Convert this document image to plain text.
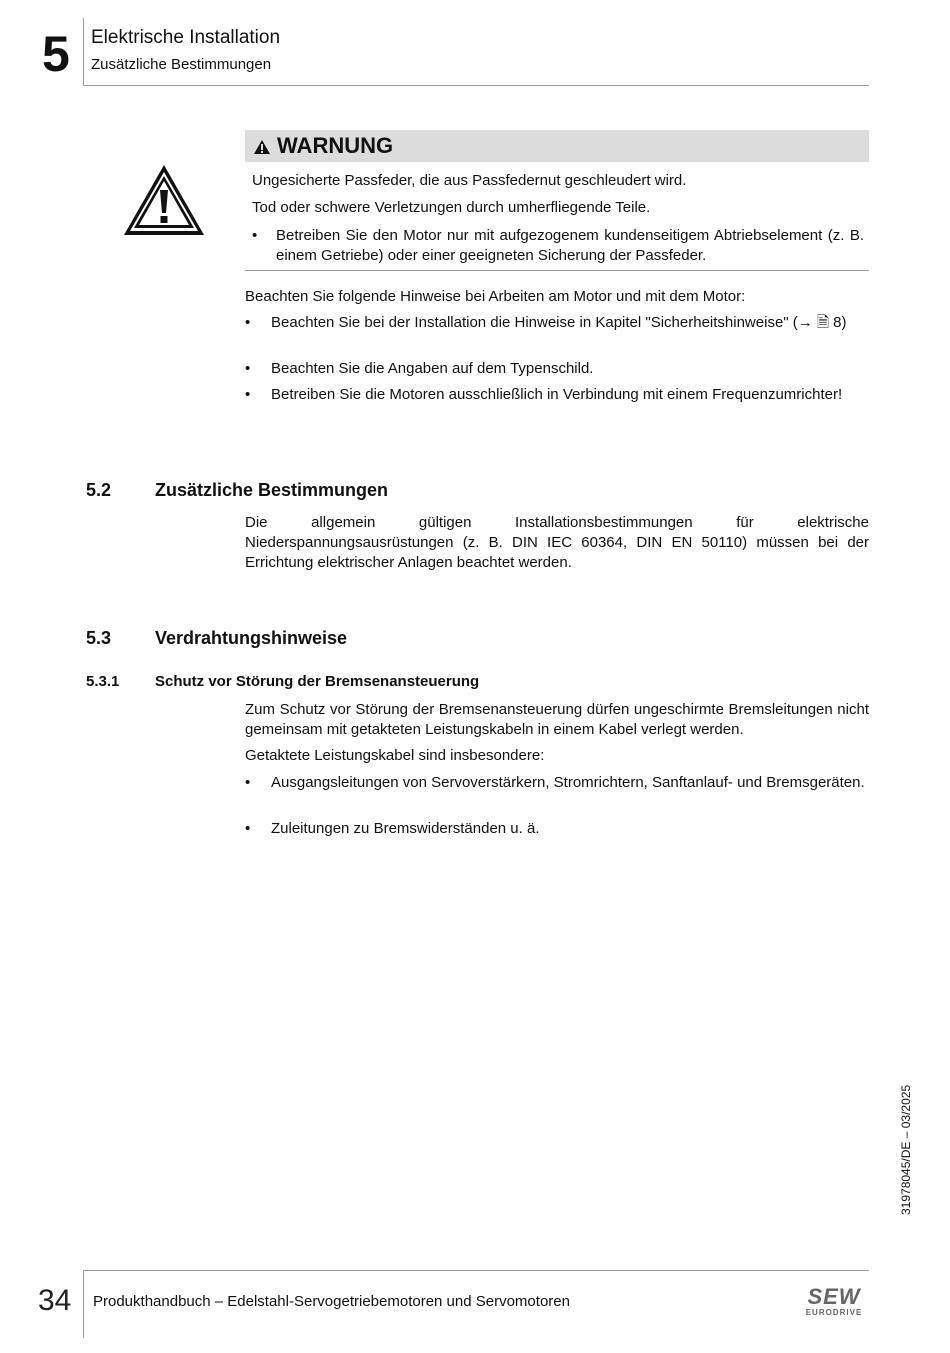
5 Elektrische Installation
Zusätzliche Bestimmungen
WARNUNG
Ungesicherte Passfeder, die aus Passfedernut geschleudert wird.
Tod oder schwere Verletzungen durch umherfliegende Teile.
• Betreiben Sie den Motor nur mit aufgezogenem kundenseitigem Abtriebselement (z. B. einem Getriebe) oder einer geeigneten Sicherung der Passfeder.
Beachten Sie folgende Hinweise bei Arbeiten am Motor und mit dem Motor:
• Beachten Sie bei der Installation die Hinweise in Kapitel "Sicherheitshinweise" (→ 🗎 8)
• Beachten Sie die Angaben auf dem Typenschild.
• Betreiben Sie die Motoren ausschließlich in Verbindung mit einem Frequenzumrichter!
5.2 Zusätzliche Bestimmungen
Die allgemein gültigen Installationsbestimmungen für elektrische Niederspannungsausrüstungen (z. B. DIN IEC 60364, DIN EN 50110) müssen bei der Errichtung elektrischer Anlagen beachtet werden.
5.3 Verdrahtungshinweise
5.3.1 Schutz vor Störung der Bremsenansteuerung
Zum Schutz vor Störung der Bremsenansteuerung dürfen ungeschirmte Bremsleitungen nicht gemeinsam mit getakteten Leistungskabeln in einem Kabel verlegt werden.
Getaktete Leistungskabel sind insbesondere:
• Ausgangsleitungen von Servoverstärkern, Stromrichtern, Sanftanlauf- und Bremsgeräten.
• Zuleitungen zu Bremswiderständen u. ä.
31978045/DE – 03/2025
34 Produkthandbuch – Edelstahl-Servogetriebemotoren und Servomotoren	SEW
EURODRIVE
